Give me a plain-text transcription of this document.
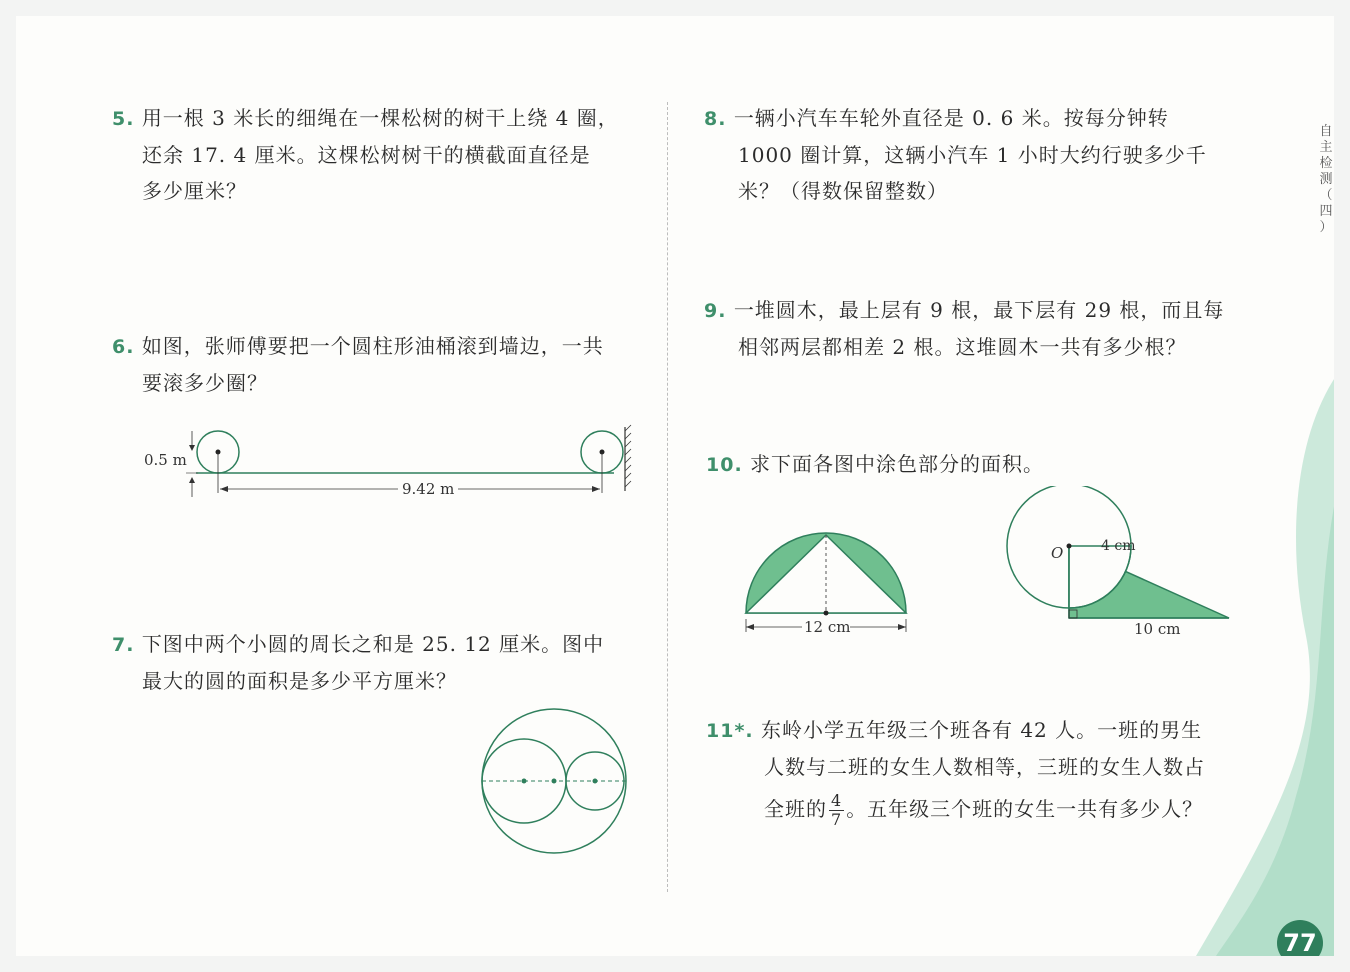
5. 用一根 3 米长的细绳在一棵松树的树干上绕 4 圈，
还余 17. 4 厘米。这棵松树树干的横截面直径是
多少厘米？
6. 如图，张师傅要把一个圆柱形油桶滚到墙边，一共
要滚多少圈？
0.5 m
9.42 m
7. 下图中两个小圆的周长之和是 25. 12 厘米。图中
最大的圆的面积是多少平方厘米？
8. 一辆小汽车车轮外直径是 0. 6 米。按每分钟转
1000 圈计算，这辆小汽车 1 小时大约行驶多少千
米？（得数保留整数）
9. 一堆圆木，最上层有 9 根，最下层有 29 根，而且每
相邻两层都相差 2 根。这堆圆木一共有多少根？
10. 求下面各图中涂色部分的面积。
12 cm
O	4 cm
10 cm
11*. 东岭小学五年级三个班各有 42 人。一班的男生
人数与二班的女生人数相等，三班的女生人数占
全班的 $\frac{4}{7}$ 。五年级三个班的女生一共有多少人？
自
主
检
测
（
四
）
77
